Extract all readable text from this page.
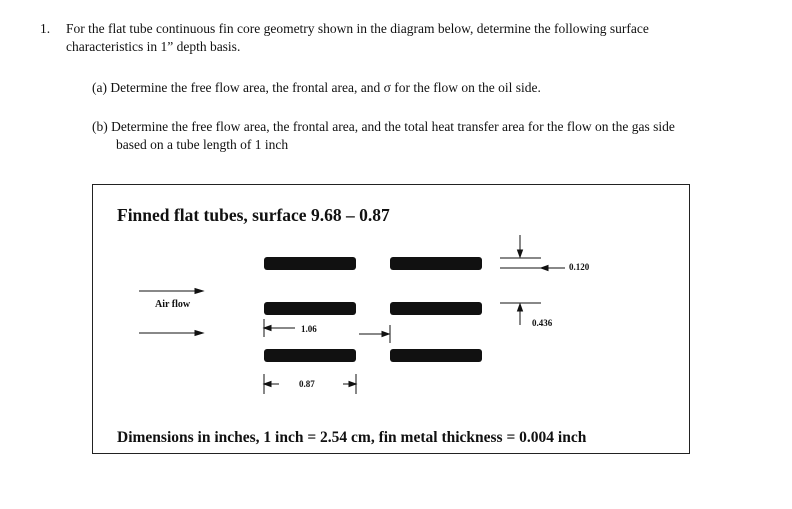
1. For the flat tube continuous fin core geometry shown in the diagram below, determine the following surface
characteristics in 1” depth basis.
(a) Determine the free flow area, the frontal area, and σ for the flow on the oil side.
(b) Determine the free flow area, the frontal area, and the total heat transfer area for the flow on the gas side
based on a tube length of 1 inch
Finned flat tubes, surface 9.68 – 0.87
Air flow
0.120
0.436
1.06
0.87
Dimensions in inches, 1 inch = 2.54 cm, fin metal thickness = 0.004 inch
